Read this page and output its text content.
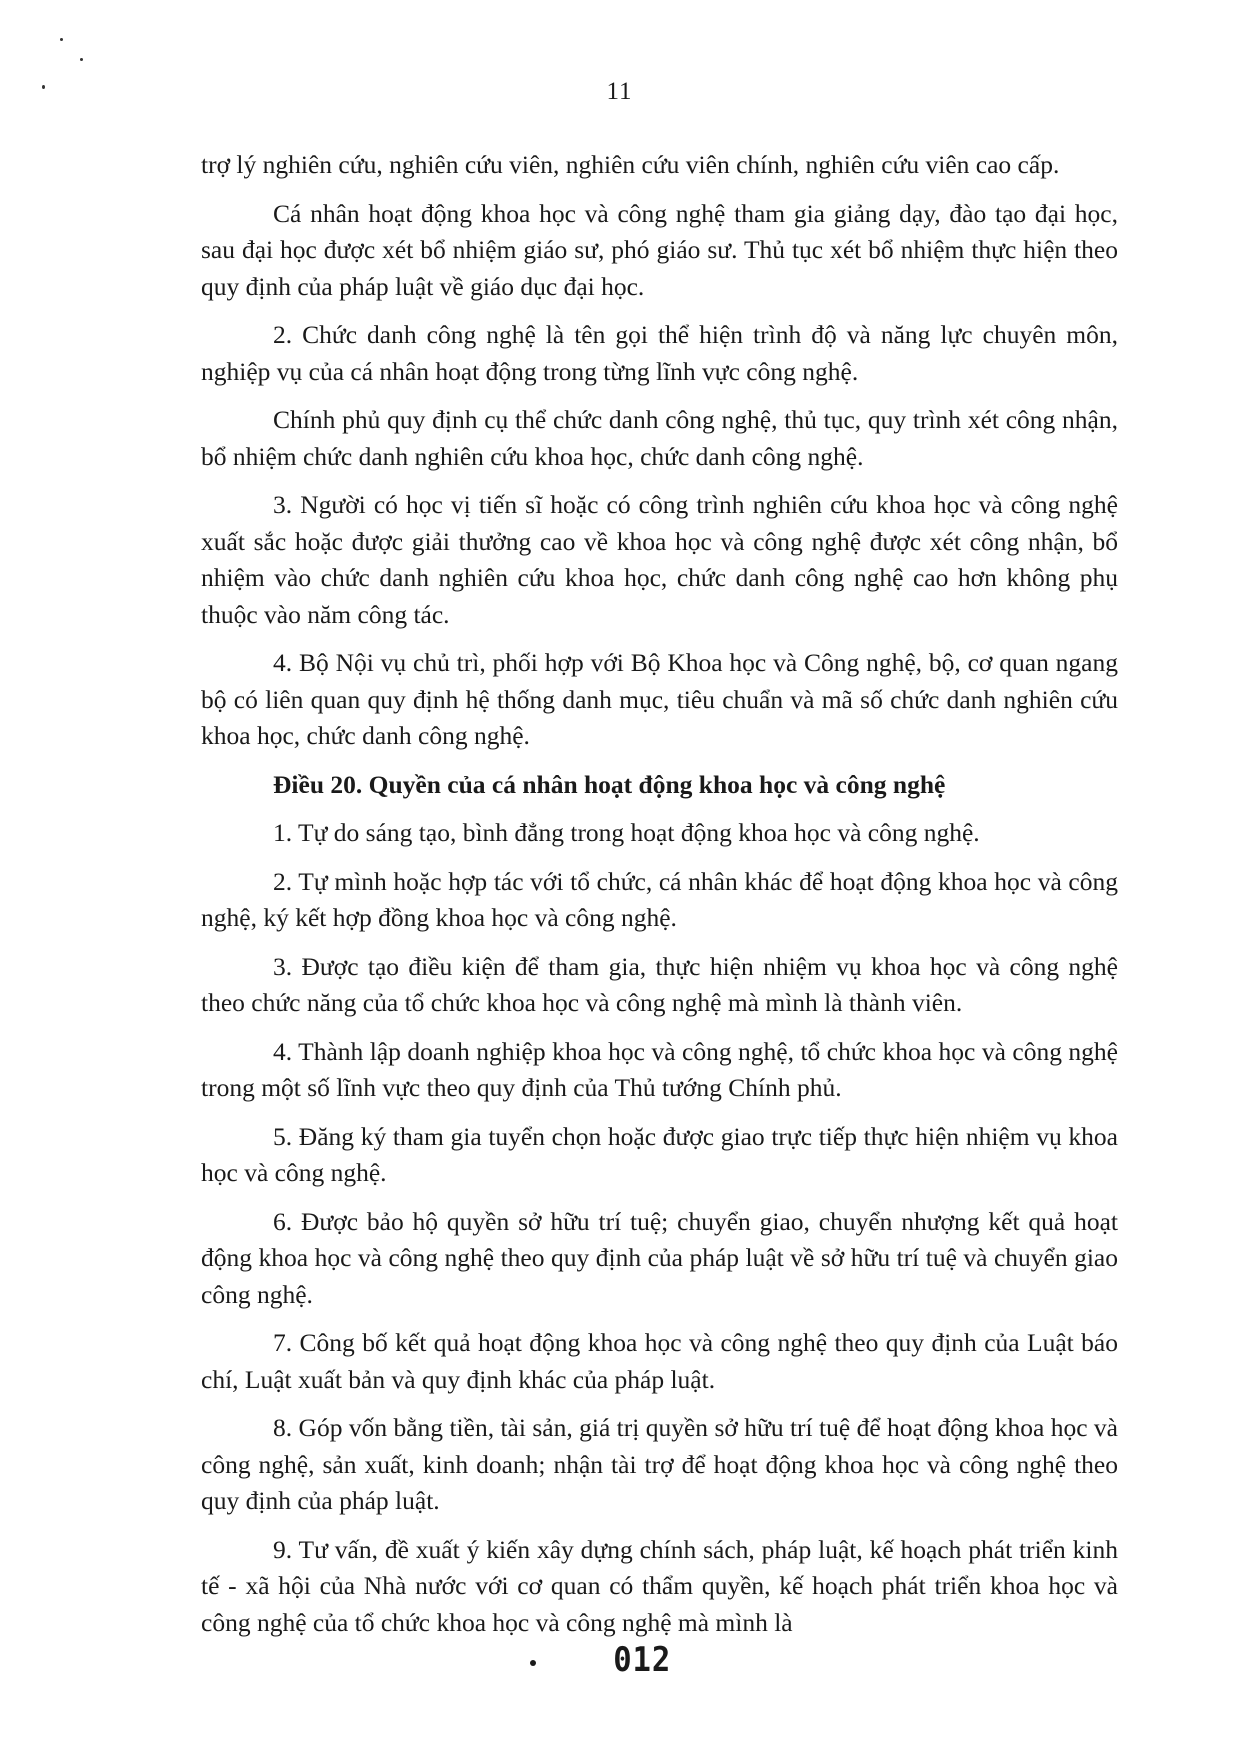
11

trợ lý nghiên cứu, nghiên cứu viên, nghiên cứu viên chính, nghiên cứu viên cao cấp.

Cá nhân hoạt động khoa học và công nghệ tham gia giảng dạy, đào tạo đại học, sau đại học được xét bổ nhiệm giáo sư, phó giáo sư. Thủ tục xét bổ nhiệm thực hiện theo quy định của pháp luật về giáo dục đại học.

2. Chức danh công nghệ là tên gọi thể hiện trình độ và năng lực chuyên môn, nghiệp vụ của cá nhân hoạt động trong từng lĩnh vực công nghệ.

Chính phủ quy định cụ thể chức danh công nghệ, thủ tục, quy trình xét công nhận, bổ nhiệm chức danh nghiên cứu khoa học, chức danh công nghệ.

3. Người có học vị tiến sĩ hoặc có công trình nghiên cứu khoa học và công nghệ xuất sắc hoặc được giải thưởng cao về khoa học và công nghệ được xét công nhận, bổ nhiệm vào chức danh nghiên cứu khoa học, chức danh công nghệ cao hơn không phụ thuộc vào năm công tác.

4. Bộ Nội vụ chủ trì, phối hợp với Bộ Khoa học và Công nghệ, bộ, cơ quan ngang bộ có liên quan quy định hệ thống danh mục, tiêu chuẩn và mã số chức danh nghiên cứu khoa học, chức danh công nghệ.

Điều 20. Quyền của cá nhân hoạt động khoa học và công nghệ

1. Tự do sáng tạo, bình đẳng trong hoạt động khoa học và công nghệ.

2. Tự mình hoặc hợp tác với tổ chức, cá nhân khác để hoạt động khoa học và công nghệ, ký kết hợp đồng khoa học và công nghệ.

3. Được tạo điều kiện để tham gia, thực hiện nhiệm vụ khoa học và công nghệ theo chức năng của tổ chức khoa học và công nghệ mà mình là thành viên.

4. Thành lập doanh nghiệp khoa học và công nghệ, tổ chức khoa học và công nghệ trong một số lĩnh vực theo quy định của Thủ tướng Chính phủ.

5. Đăng ký tham gia tuyển chọn hoặc được giao trực tiếp thực hiện nhiệm vụ khoa học và công nghệ.

6. Được bảo hộ quyền sở hữu trí tuệ; chuyển giao, chuyển nhượng kết quả hoạt động khoa học và công nghệ theo quy định của pháp luật về sở hữu trí tuệ và chuyển giao công nghệ.

7. Công bố kết quả hoạt động khoa học và công nghệ theo quy định của Luật báo chí, Luật xuất bản và quy định khác của pháp luật.

8. Góp vốn bằng tiền, tài sản, giá trị quyền sở hữu trí tuệ để hoạt động khoa học và công nghệ, sản xuất, kinh doanh; nhận tài trợ để hoạt động khoa học và công nghệ theo quy định của pháp luật.

9. Tư vấn, đề xuất ý kiến xây dựng chính sách, pháp luật, kế hoạch phát triển kinh tế - xã hội của Nhà nước với cơ quan có thẩm quyền, kế hoạch phát triển khoa học và công nghệ của tổ chức khoa học và công nghệ mà mình là

012
